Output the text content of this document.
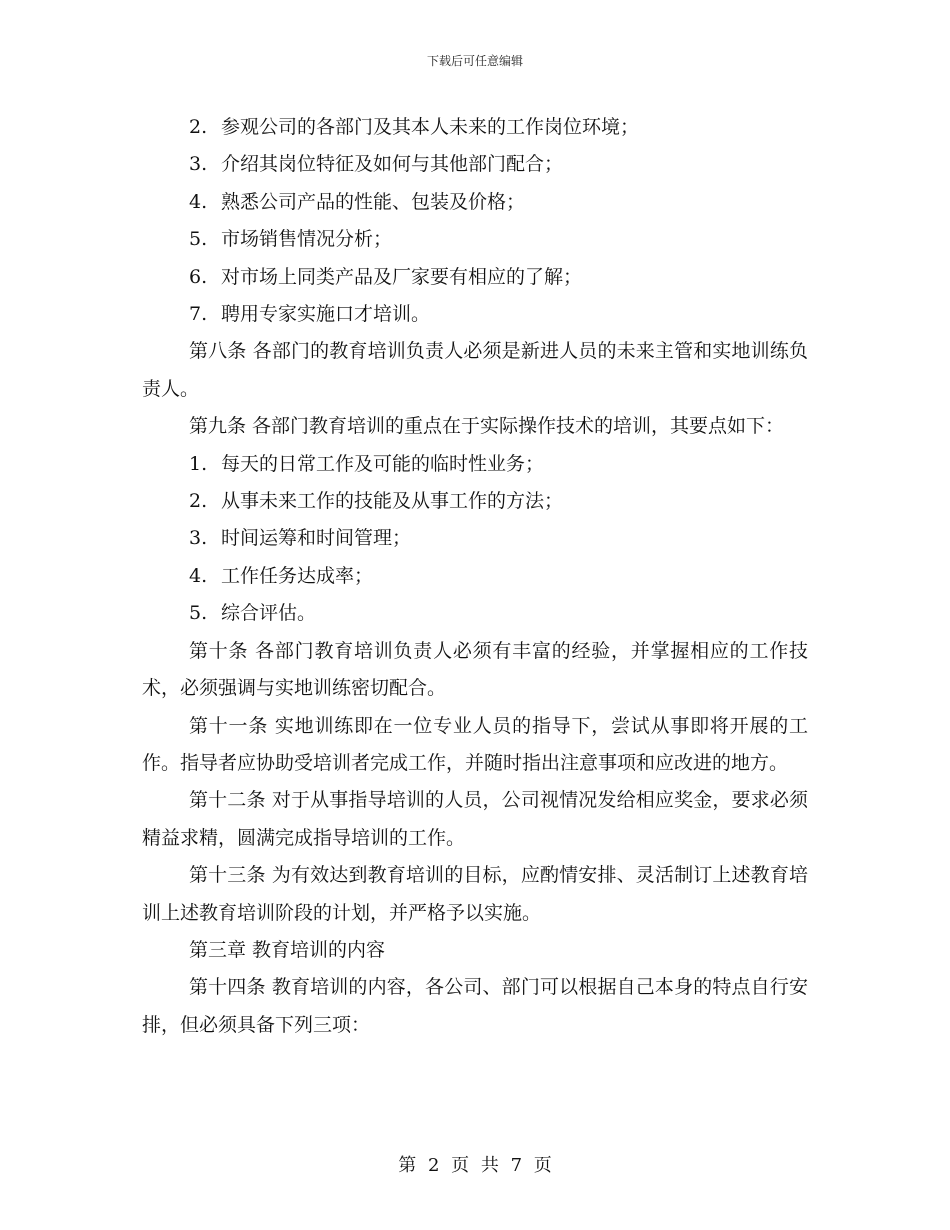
下载后可任意编辑

2. 参观公司的各部门及其本人未来的工作岗位环境；

3. 介绍其岗位特征及如何与其他部门配合；

4. 熟悉公司产品的性能、包装及价格；

5. 市场销售情况分析；

6. 对市场上同类产品及厂家要有相应的了解；

7. 聘用专家实施口才培训。

第八条 各部门的教育培训负责人必须是新进人员的未来主管和实地训练负责人。

第九条 各部门教育培训的重点在于实际操作技术的培训，其要点如下：

1. 每天的日常工作及可能的临时性业务；

2. 从事未来工作的技能及从事工作的方法；

3. 时间运筹和时间管理；

4. 工作任务达成率；

5. 综合评估。

第十条 各部门教育培训负责人必须有丰富的经验，并掌握相应的工作技术，必须强调与实地训练密切配合。

第十一条 实地训练即在一位专业人员的指导下，尝试从事即将开展的工作。指导者应协助受培训者完成工作，并随时指出注意事项和应改进的地方。

第十二条 对于从事指导培训的人员，公司视情况发给相应奖金，要求必须精益求精，圆满完成指导培训的工作。

第十三条 为有效达到教育培训的目标，应酌情安排、灵活制订上述教育培训上述教育培训阶段的计划，并严格予以实施。

第三章 教育培训的内容

第十四条 教育培训的内容，各公司、部门可以根据自己本身的特点自行安排，但必须具备下列三项：

第 2 页 共 7 页
